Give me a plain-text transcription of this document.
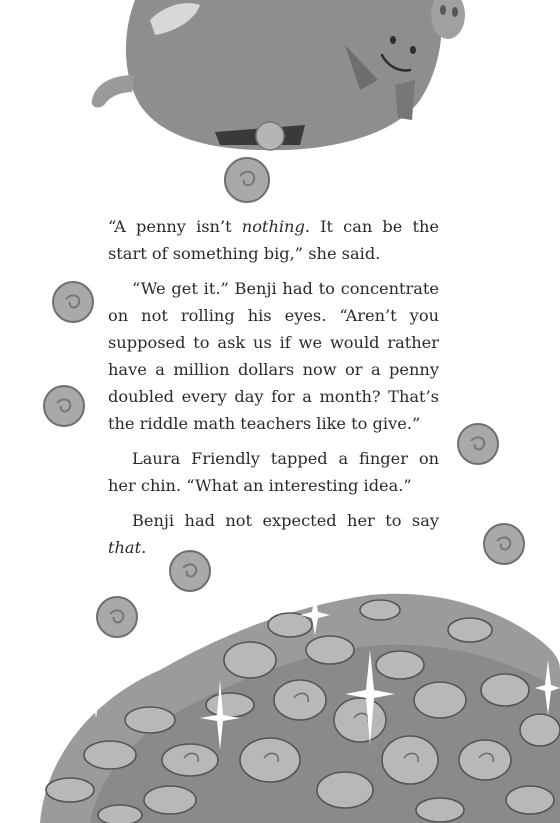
“A penny isn’t nothing. It can be the start of something big,” she said.

“We get it.” Benji had to concentrate on not rolling his eyes. “Aren’t you supposed to ask us if we would rather have a million dollars now or a penny doubled every day for a month? That’s the riddle math teachers like to give.”

Laura Friendly tapped a finger on her chin. “What an interesting idea.”

Benji had not expected her to say that.
